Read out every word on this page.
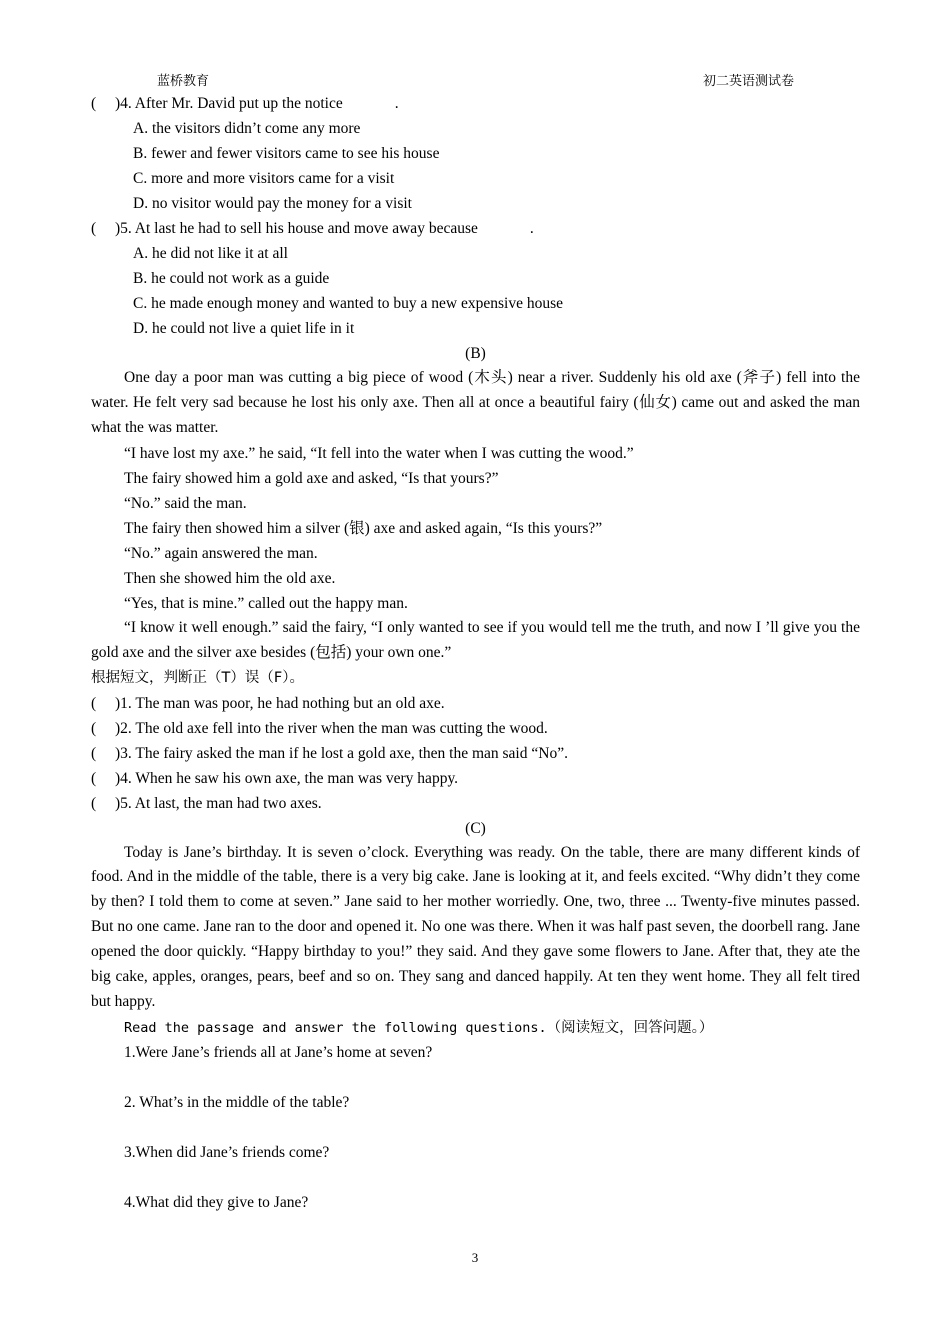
蓝桥教育	初二英语测试卷
( )4. After Mr. David put up the notice	.
A. the visitors didn’t come any more
B. fewer and fewer visitors came to see his house
C. more and more visitors came for a visit
D. no visitor would pay the money for a visit
( )5. At last he had to sell his house and move away because	.
A. he did not like it at all
B. he could not work as a guide
C. he made enough money and wanted to buy a new expensive house
D. he could not live a quiet life in it
(B)
One day a poor man was cutting a big piece of wood (木头) near a river. Suddenly his old axe (斧子) fell into the water. He felt very sad because he lost his only axe. Then all at once a beautiful fairy (仙女) came out and asked the man what the was matter.
“I have lost my axe.” he said, “It fell into the water when I was cutting the wood.”
The fairy showed him a gold axe and asked, “Is that yours?”
“No.” said the man.
The fairy then showed him a silver (银) axe and asked again, “Is this yours?”
“No.” again answered the man.
Then she showed him the old axe.
“Yes, that is mine.” called out the happy man.
“I know it well enough.” said the fairy, “I only wanted to see if you would tell me the truth, and now I ’ll give you the gold axe and the silver axe besides (包括) your own one.”
根据短文，判断正（T）误（F）。
( )1. The man was poor, he had nothing but an old axe.
( )2. The old axe fell into the river when the man was cutting the wood.
( )3. The fairy asked the man if he lost a gold axe, then the man said “No”.
( )4. When he saw his own axe, the man was very happy.
( )5. At last, the man had two axes.
(C)
Today is Jane’s birthday. It is seven o’clock. Everything was ready. On the table, there are many different kinds of food. And in the middle of the table, there is a very big cake. Jane is looking at it, and feels excited. “Why didn’t they come by then? I told them to come at seven.” Jane said to her mother worriedly. One, two, three ... Twenty-five minutes passed. But no one came. Jane ran to the door and opened it. No one was there. When it was half past seven, the doorbell rang. Jane opened the door quickly. “Happy birthday to you!” they said. And they gave some flowers to Jane. After that, they ate the big cake, apples, oranges, pears, beef and so on. They sang and danced happily. At ten they went home. They all felt tired but happy.
Read the passage and answer the following questions.（阅读短文，回答问题。）
1.Were Jane’s friends all at Jane’s home at seven?
2. What’s in the middle of the table?
3.When did Jane’s friends come?
4.What did they give to Jane?
3
